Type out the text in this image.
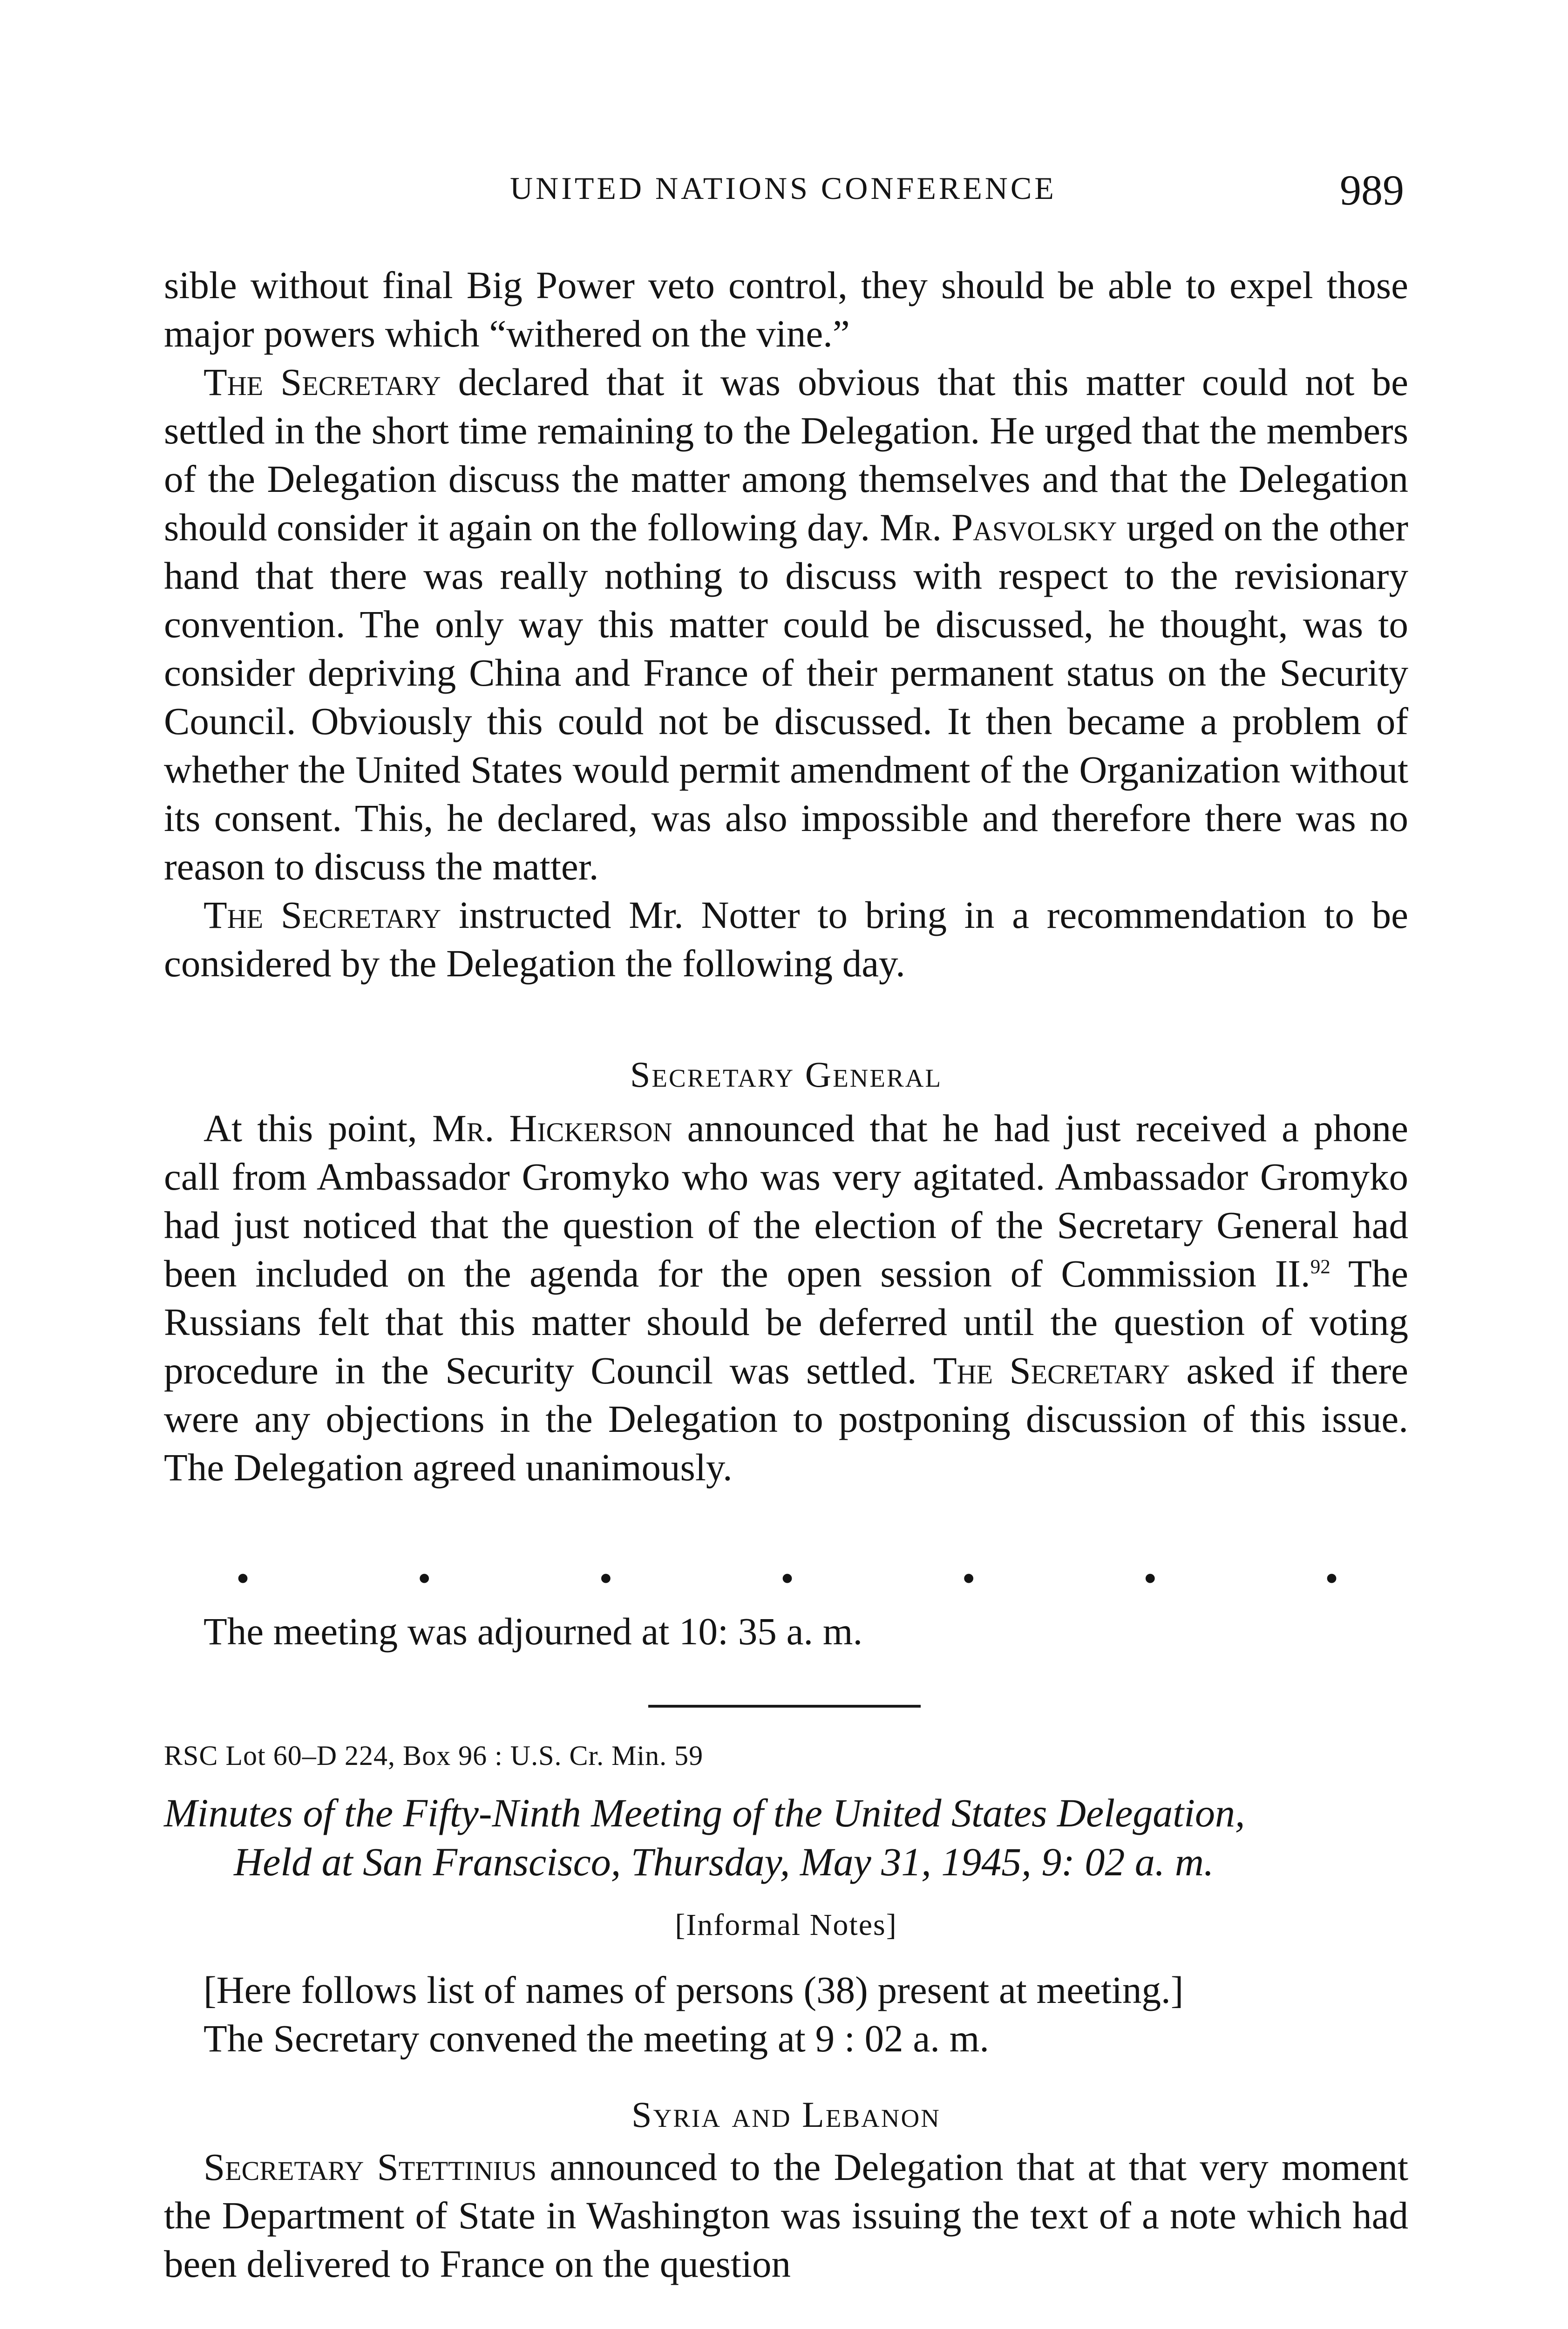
UNITED NATIONS CONFERENCE	989

sible without final Big Power veto control, they should be able to expel those major powers which “withered on the vine.”

The Secretary declared that it was obvious that this matter could not be settled in the short time remaining to the Delegation. He urged that the members of the Delegation discuss the matter among themselves and that the Delegation should consider it again on the following day. Mr. Pasvolsky urged on the other hand that there was really nothing to discuss with respect to the revisionary convention. The only way this matter could be discussed, he thought, was to consider depriving China and France of their permanent status on the Security Council. Obviously this could not be discussed. It then became a problem of whether the United States would permit amendment of the Organization without its consent. This, he declared, was also impossible and therefore there was no reason to discuss the matter.

The Secretary instructed Mr. Notter to bring in a recommendation to be considered by the Delegation the following day.

Secretary General

At this point, Mr. Hickerson announced that he had just received a phone call from Ambassador Gromyko who was very agitated. Ambassador Gromyko had just noticed that the question of the election of the Secretary General had been included on the agenda for the open session of Commission II.$^{92}$ The Russians felt that this matter should be deferred until the question of voting procedure in the Security Council was settled. The Secretary asked if there were any objections in the Delegation to postponing discussion of this issue. The Delegation agreed unanimously.

•	•	•	•	•	•	•

The meeting was adjourned at 10: 35 a. m.

RSC Lot 60–D 224, Box 96 : U.S. Cr. Min. 59
Minutes of the Fifty-Ninth Meeting of the United States Delegation,
Held at San Franscisco, Thursday, May 31, 1945, 9: 02 a. m.
[Informal Notes]

[Here follows list of names of persons (38) present at meeting.]

The Secretary convened the meeting at 9 : 02 a. m.

Syria and Lebanon

Secretary Stettinius announced to the Delegation that at that very moment the Department of State in Washington was issuing the text of a note which had been delivered to France on the question
